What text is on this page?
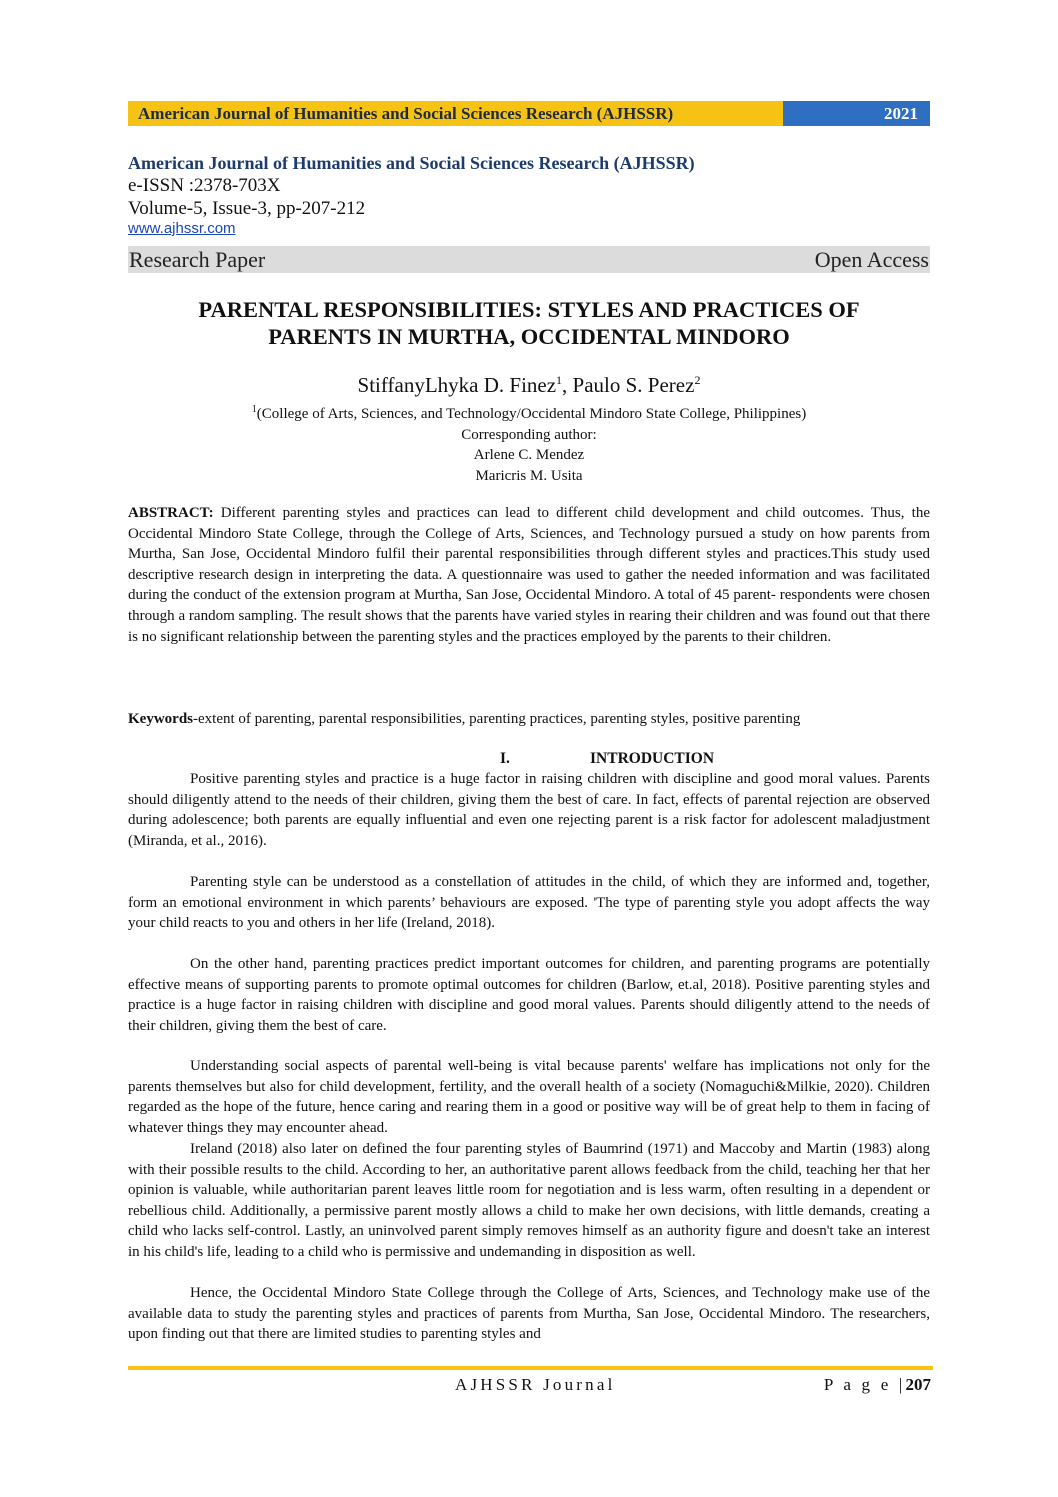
American Journal of Humanities and Social Sciences Research (AJHSSR)	2021
American Journal of Humanities and Social Sciences Research (AJHSSR)
e-ISSN :2378-703X
Volume-5, Issue-3, pp-207-212
www.ajhssr.com
Research Paper	Open Access
PARENTAL RESPONSIBILITIES: STYLES AND PRACTICES OF
PARENTS IN MURTHA, OCCIDENTAL MINDORO
StiffanyLhyka D. Finez$^1$, Paulo S. Perez$^2$
$^1$(College of Arts, Sciences, and Technology/Occidental Mindoro State College, Philippines)
Corresponding author:
Arlene C. Mendez
Maricris M. Usita
ABSTRACT: Different parenting styles and practices can lead to different child development and child outcomes. Thus, the Occidental Mindoro State College, through the College of Arts, Sciences, and Technology pursued a study on how parents from Murtha, San Jose, Occidental Mindoro fulfil their parental responsibilities through different styles and practices.This study used descriptive research design in interpreting the data. A questionnaire was used to gather the needed information and was facilitated during the conduct of the extension program at Murtha, San Jose, Occidental Mindoro. A total of 45 parent- respondents were chosen through a random sampling. The result shows that the parents have varied styles in rearing their children and was found out that there is no significant relationship between the parenting styles and the practices employed by the parents to their children.
Keywords-extent of parenting, parental responsibilities, parenting practices, parenting styles, positive parenting
I.	INTRODUCTION

Positive parenting styles and practice is a huge factor in raising children with discipline and good moral values. Parents should diligently attend to the needs of their children, giving them the best of care. In fact, effects of parental rejection are observed during adolescence; both parents are equally influential and even one rejecting parent is a risk factor for adolescent maladjustment (Miranda, et al., 2016).

Parenting style can be understood as a constellation of attitudes in the child, of which they are informed and, together, form an emotional environment in which parents’ behaviours are exposed. 'The type of parenting style you adopt affects the way your child reacts to you and others in her life (Ireland, 2018).

On the other hand, parenting practices predict important outcomes for children, and parenting programs are potentially effective means of supporting parents to promote optimal outcomes for children (Barlow, et.al, 2018). Positive parenting styles and practice is a huge factor in raising children with discipline and good moral values. Parents should diligently attend to the needs of their children, giving them the best of care.

Understanding social aspects of parental well-being is vital because parents' welfare has implications not only for the parents themselves but also for child development, fertility, and the overall health of a society (Nomaguchi&Milkie, 2020). Children regarded as the hope of the future, hence caring and rearing them in a good or positive way will be of great help to them in facing of whatever things they may encounter ahead.

Ireland (2018) also later on defined the four parenting styles of Baumrind (1971) and Maccoby and Martin (1983) along with their possible results to the child. According to her, an authoritative parent allows feedback from the child, teaching her that her opinion is valuable, while authoritarian parent leaves little room for negotiation and is less warm, often resulting in a dependent or rebellious child. Additionally, a permissive parent mostly allows a child to make her own decisions, with little demands, creating a child who lacks self-control. Lastly, an uninvolved parent simply removes himself as an authority figure and doesn't take an interest in his child's life, leading to a child who is permissive and undemanding in disposition as well.

Hence, the Occidental Mindoro State College through the College of Arts, Sciences, and Technology make use of the available data to study the parenting styles and practices of parents from Murtha, San Jose, Occidental Mindoro. The researchers, upon finding out that there are limited studies to parenting styles and

AJHSSR Journal	P a g e |207
